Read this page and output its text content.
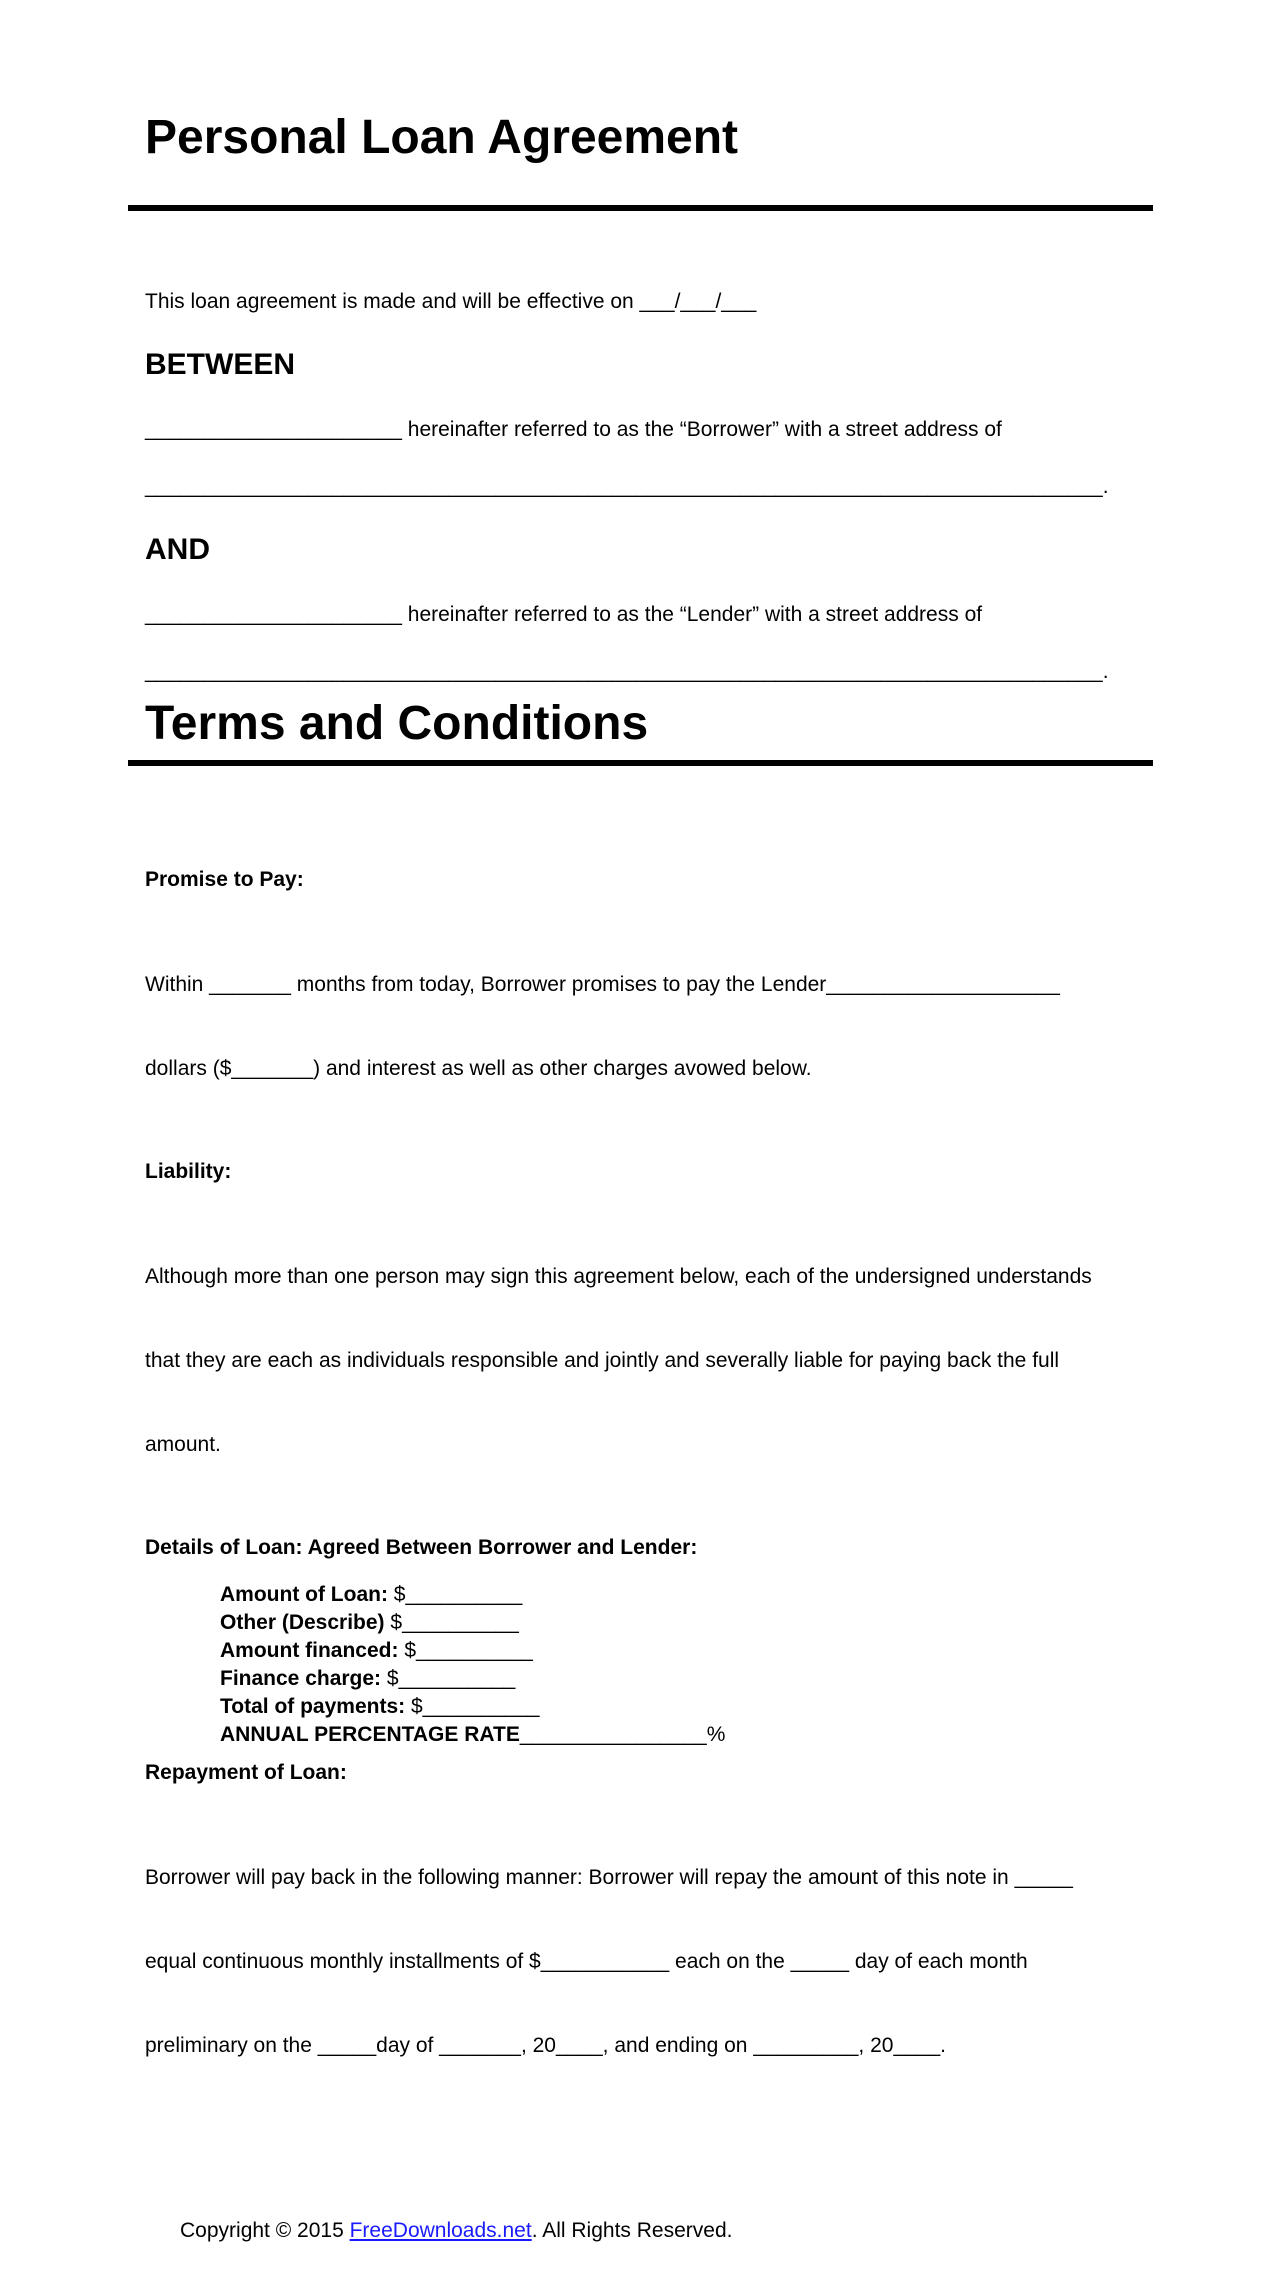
Personal Loan Agreement
This loan agreement is made and will be effective on ___/___/___
BETWEEN
______________________ hereinafter referred to as the “Borrower” with a street address of
__________________________________________________________________________________.
AND
______________________ hereinafter referred to as the “Lender” with a street address of
__________________________________________________________________________________.
Terms and Conditions
Promise to Pay:

Within _______ months from today, Borrower promises to pay the Lender____________________

dollars ($_______) and interest as well as other charges avowed below.

Liability:

Although more than one person may sign this agreement below, each of the undersigned understands

that they are each as individuals responsible and jointly and severally liable for paying back the full

amount.

Details of Loan: Agreed Between Borrower and Lender:
Amount of Loan: $__________
Other (Describe) $__________
Amount financed: $__________
Finance charge: $__________
Total of payments: $__________
ANNUAL PERCENTAGE RATE________________%
Repayment of Loan:

Borrower will pay back in the following manner: Borrower will repay the amount of this note in _____

equal continuous monthly installments of $___________ each on the _____ day of each month

preliminary on the _____day of _______, 20____, and ending on _________, 20____.

Copyright © 2015 FreeDownloads.net. All Rights Reserved.
